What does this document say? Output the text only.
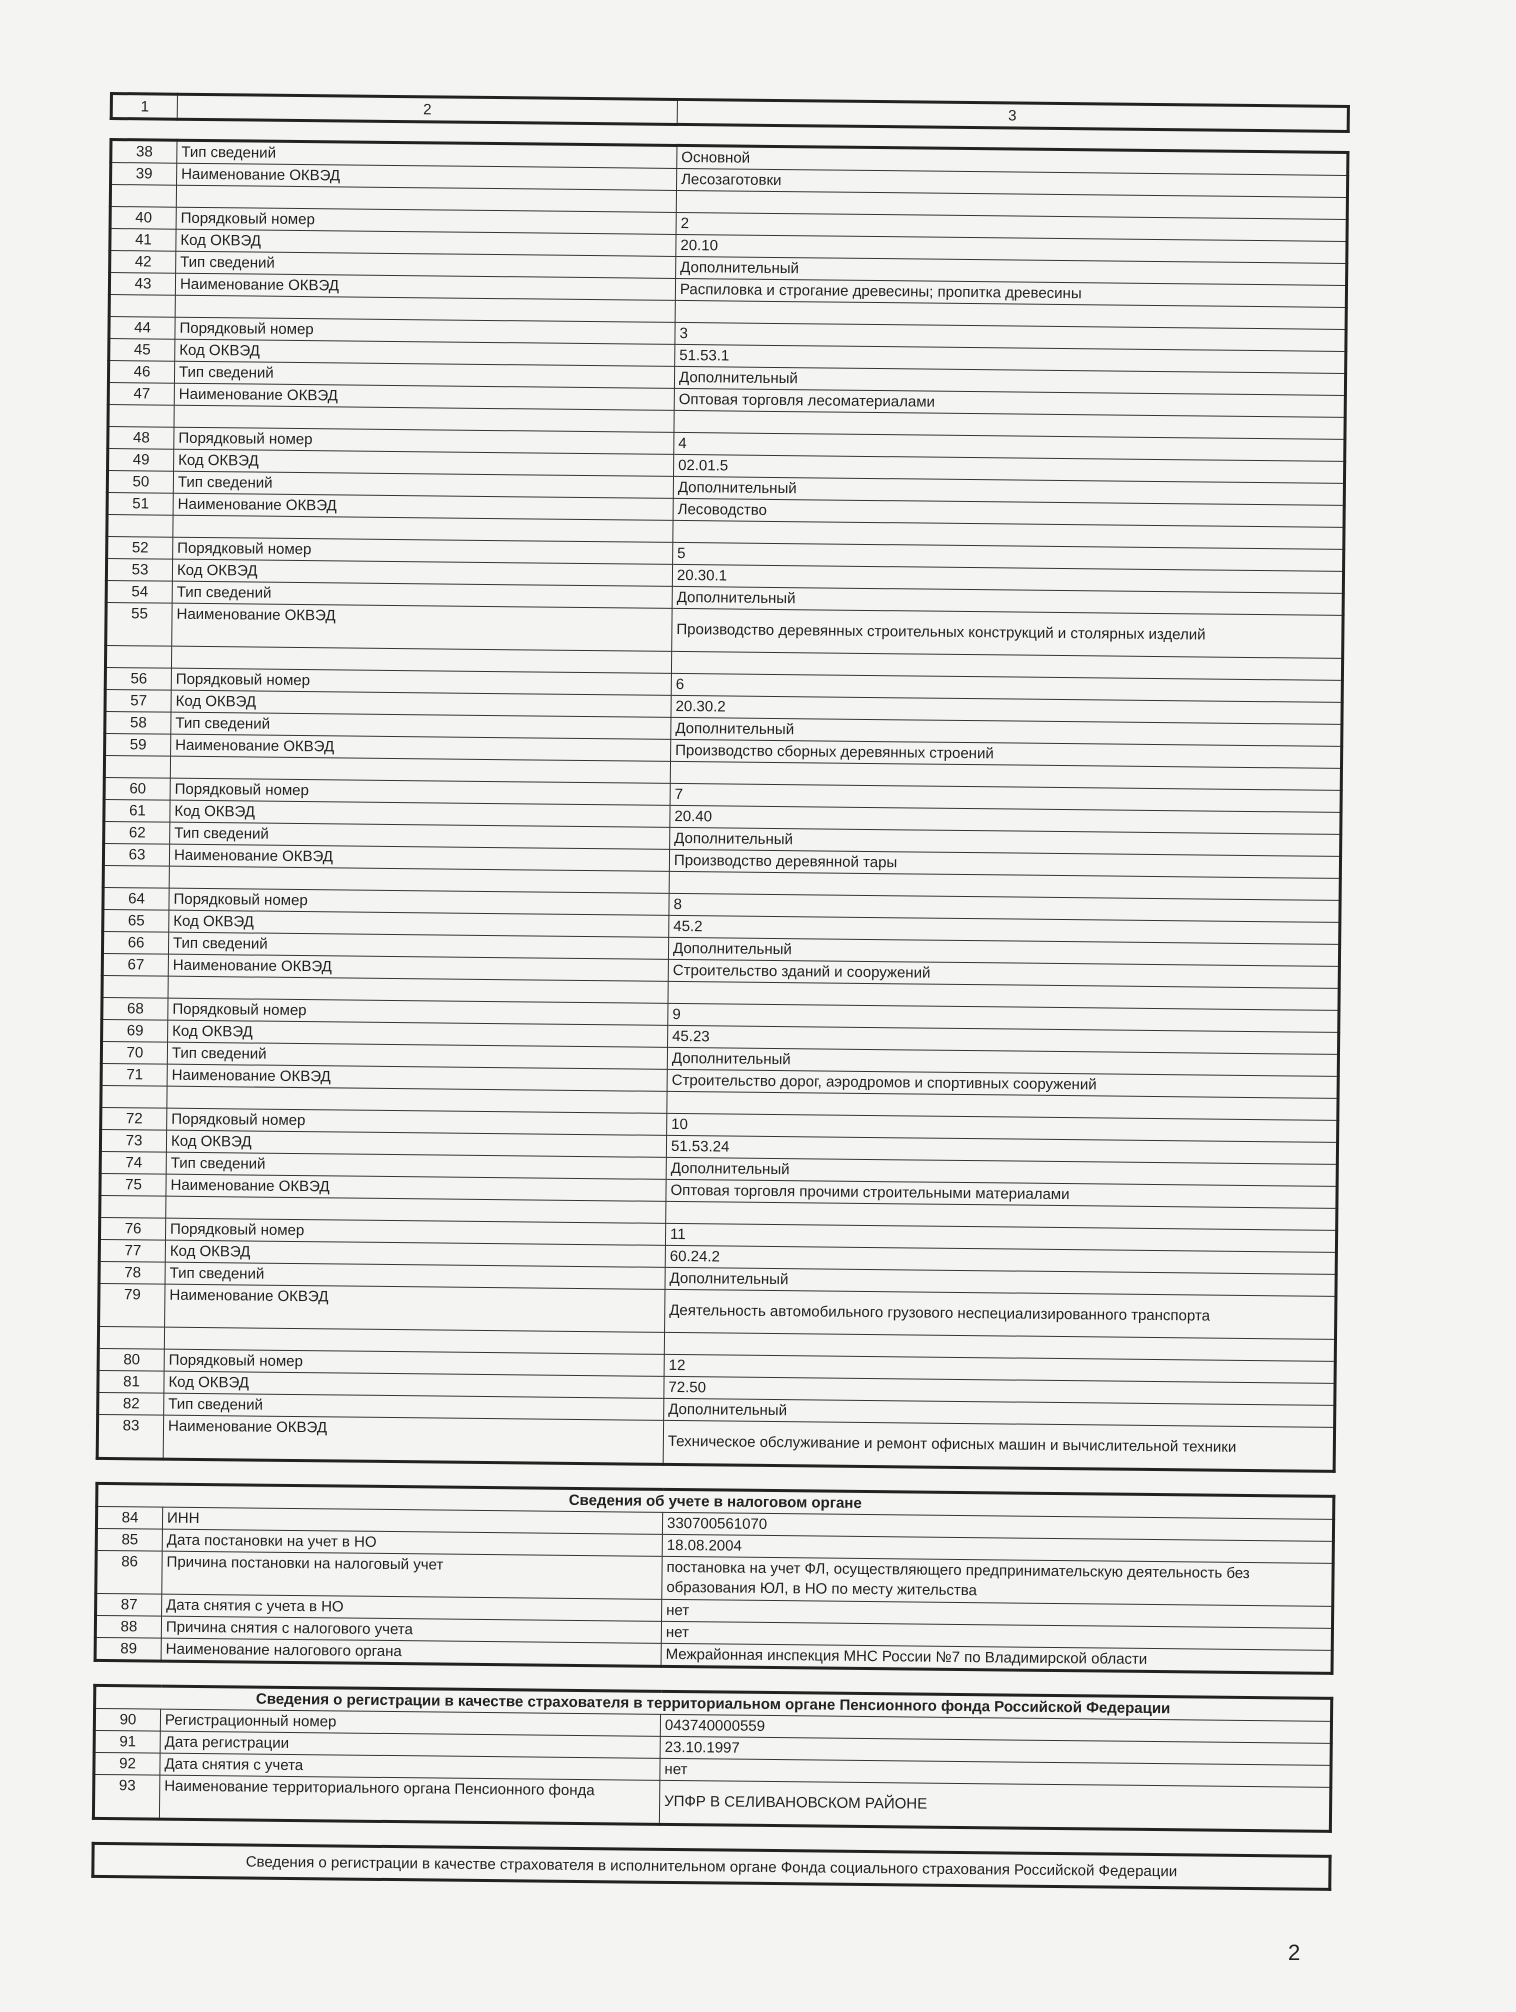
1	2	3
38	Тип сведений	Основной
39	Наименование ОКВЭД	Лесозаготовки

40	Порядковый номер	2
41	Код ОКВЭД	20.10
42	Тип сведений	Дополнительный
43	Наименование ОКВЭД	Распиловка и строгание древесины; пропитка древесины

44	Порядковый номер	3
45	Код ОКВЭД	51.53.1
46	Тип сведений	Дополнительный
47	Наименование ОКВЭД	Оптовая торговля лесоматериалами

48	Порядковый номер	4
49	Код ОКВЭД	02.01.5
50	Тип сведений	Дополнительный
51	Наименование ОКВЭД	Лесоводство

52	Порядковый номер	5
53	Код ОКВЭД	20.30.1
54	Тип сведений	Дополнительный
55	Наименование ОКВЭД	Производство деревянных строительных конструкций и столярных изделий

56	Порядковый номер	6
57	Код ОКВЭД	20.30.2
58	Тип сведений	Дополнительный
59	Наименование ОКВЭД	Производство сборных деревянных строений

60	Порядковый номер	7
61	Код ОКВЭД	20.40
62	Тип сведений	Дополнительный
63	Наименование ОКВЭД	Производство деревянной тары

64	Порядковый номер	8
65	Код ОКВЭД	45.2
66	Тип сведений	Дополнительный
67	Наименование ОКВЭД	Строительство зданий и сооружений

68	Порядковый номер	9
69	Код ОКВЭД	45.23
70	Тип сведений	Дополнительный
71	Наименование ОКВЭД	Строительство дорог, аэродромов и спортивных сооружений

72	Порядковый номер	10
73	Код ОКВЭД	51.53.24
74	Тип сведений	Дополнительный
75	Наименование ОКВЭД	Оптовая торговля прочими строительными материалами

76	Порядковый номер	11
77	Код ОКВЭД	60.24.2
78	Тип сведений	Дополнительный
79	Наименование ОКВЭД	Деятельность автомобильного грузового неспециализированного транспорта

80	Порядковый номер	12
81	Код ОКВЭД	72.50
82	Тип сведений	Дополнительный
83	Наименование ОКВЭД	Техническое обслуживание и ремонт офисных машин и вычислительной техники
Сведения об учете в налоговом органе		
84	ИНН	330700561070
85	Дата постановки на учет в НО	18.08.2004
86	Причина постановки на налоговый учет	постановка на учет ФЛ, осуществляющего предпринимательскую деятельность без образования ЮЛ, в НО по месту жительства
87	Дата снятия с учета в НО	нет
88	Причина снятия с налогового учета	нет
89	Наименование налогового органа	Межрайонная инспекция МНС России №7 по Владимирской области
Сведения о регистрации в качестве страхователя в территориальном органе Пенсионного фонда Российской Федерации		
90	Регистрационный номер	043740000559
91	Дата регистрации	23.10.1997
92	Дата снятия с учета	нет
93	Наименование территориального органа Пенсионного фонда	УПФР В СЕЛИВАНОВСКОМ РАЙОНЕ
Сведения о регистрации в качестве страхователя в исполнительном органе Фонда социального страхования Российской Федерации
2
